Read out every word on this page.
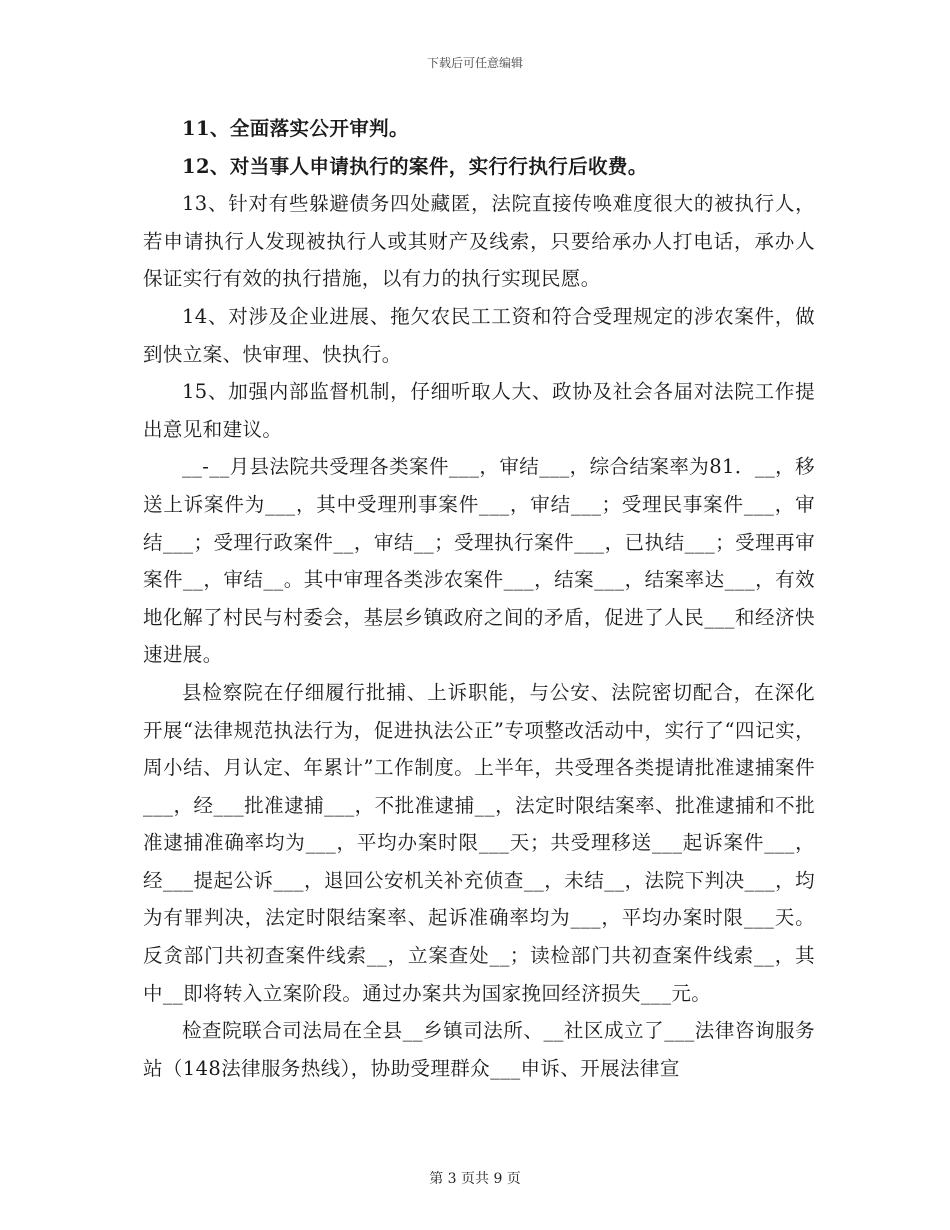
下载后可任意编辑

11、全面落实公开审判。

12、对当事人申请执行的案件，实行行执行后收费。

13、针对有些躲避债务四处藏匿，法院直接传唤难度很大的被执行人，若申请执行人发现被执行人或其财产及线索，只要给承办人打电话，承办人保证实行有效的执行措施，以有力的执行实现民愿。

14、对涉及企业进展、拖欠农民工工资和符合受理规定的涉农案件，做到快立案、快审理、快执行。

15、加强内部监督机制，仔细听取人大、政协及社会各届对法院工作提出意见和建议。

__-__月县法院共受理各类案件___，审结___，综合结案率为81．__，移送上诉案件为___，其中受理刑事案件___，审结___；受理民事案件___，审结___；受理行政案件__，审结__；受理执行案件___，已执结___；受理再审案件__，审结__。其中审理各类涉农案件___，结案___，结案率达___，有效地化解了村民与村委会，基层乡镇政府之间的矛盾，促进了人民___和经济快速进展。

县检察院在仔细履行批捕、上诉职能，与公安、法院密切配合，在深化开展“法律规范执法行为，促进执法公正”专项整改活动中，实行了“四记实，周小结、月认定、年累计”工作制度。上半年，共受理各类提请批准逮捕案件___，经___批准逮捕___，不批准逮捕__，法定时限结案率、批准逮捕和不批准逮捕准确率均为___，平均办案时限___天；共受理移送___起诉案件___，经___提起公诉___，退回公安机关补充侦查__，未结__，法院下判决___，均为有罪判决，法定时限结案率、起诉准确率均为___，平均办案时限___天。反贪部门共初查案件线索__，立案查处__；读检部门共初查案件线索__，其中__即将转入立案阶段。通过办案共为国家挽回经济损失___元。

检查院联合司法局在全县__乡镇司法所、__社区成立了___法律咨询服务站（148法律服务热线），协助受理群众___申诉、开展法律宣

第 3 页共 9 页
